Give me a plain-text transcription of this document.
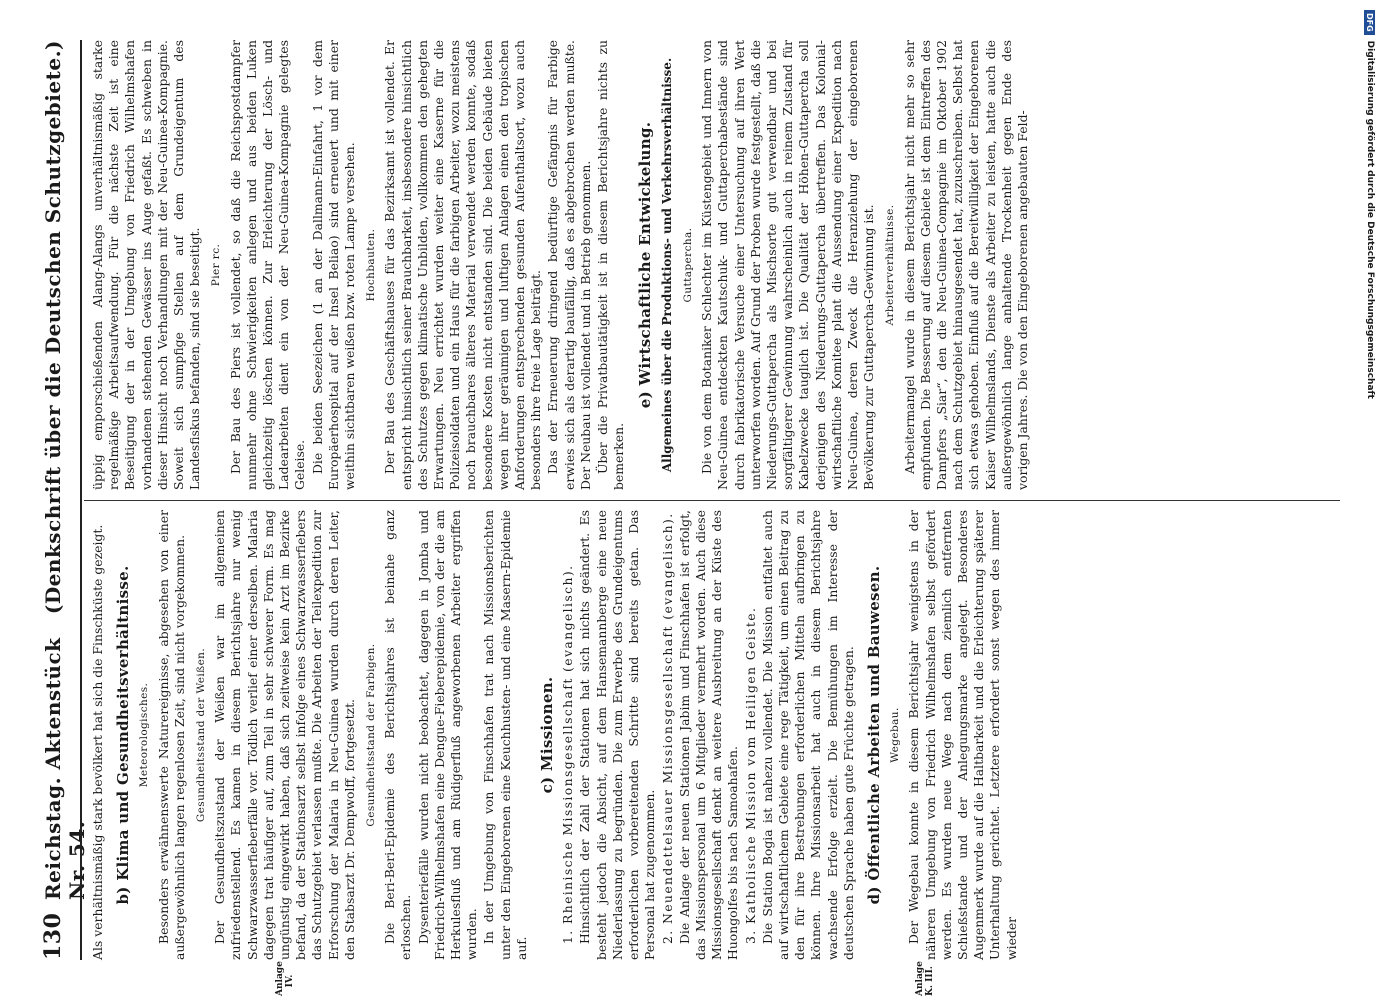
130
Reichstag. Aktenstück Nr. 54.
(Denkschrift über die Deutschen Schutzgebiete.)

Als verhältnismäßig stark bevölkert hat sich die Finschküste gezeigt. b) Klima und Gesundheitsverhältnisse. Meteorologisches. Besonders erwähnenswerte Naturereignisse, abgesehen von einer außergewöhnlich langen regenlosen Zeit, sind nicht vorgekommen. Gesundheitsstand der Weißen. Der Gesundheitszustand der Weißen war im allgemeinen zufriedenstellend. Es kamen in diesem Berichtsjahre nur wenig Schwarzwasserfieberfälle vor. Tödlich verlief einer derselben. Malaria dagegen trat häufiger auf, zum Teil in sehr schwerer Form. Es mag ungünstig eingewirkt haben, daß sich zeitweise kein Arzt im Bezirke befand, da der Stationsarzt selbst infolge eines Schwarzwasserfiebers das Schutzgebiet verlassen mußte. Die Arbeiten der Teilexpedition zur Erforschung der Malaria in Neu-Guinea wurden durch deren Leiter, den Stabsarzt Dr. Dempwolff, fortgesetzt. Gesundheitsstand der Farbigen. Die Beri-Beri-Epidemie des Berichtsjahres ist beinahe ganz erloschen. Dysenteriefälle wurden nicht beobachtet, dagegen in Jomba und Friedrich-Wilhelmshafen eine Dengue-Fieberepidemie, von der die am Herkulesfluß und am Rüdigerfluß angeworbenen Arbeiter ergriffen wurden. In der Umgebung von Finschhafen trat nach Missionsberichten unter den Eingeborenen eine Keuchhusten- und eine Masern-Epidemie auf.

c) Missionen. 1. Rheinische Missionsgesellschaft (evangelisch). Hinsichtlich der Zahl der Stationen hat sich nichts geändert. Es besteht jedoch die Absicht, auf dem Hansemannberge eine neue Niederlassung zu begründen. Die zum Erwerbe des Grundeigentums erforderlichen vorbereitenden Schritte sind bereits getan. Das Personal hat zugenommen. 2. Neuendettelsauer Missionsgesellschaft (evangelisch). Die Anlage der neuen Stationen Jabim und Finschhafen ist erfolgt, das Missionspersonal um 6 Mitglieder vermehrt worden. Auch diese Missionsgesellschaft denkt an weitere Ausbreitung an der Küste des Huongolfes bis nach Samoahafen. 3. Katholische Mission vom Heiligen Geiste. Die Station Bogia ist nahezu vollendet. Die Mission entfaltet auch auf wirtschaftlichem Gebiete eine rege Tätigkeit, um einen Beitrag zu den für ihre Bestrebungen erforderlichen Mitteln aufbringen zu können. Ihre Missionsarbeit hat auch in diesem Berichtsjahre wachsende Erfolge erzielt. Die Bemühungen im Interesse der deutschen Sprache haben gute Früchte getragen. d) Öffentliche Arbeiten und Bauwesen. Wegebau. Der Wegebau konnte in diesem Berichtsjahr wenigstens in der näheren Umgebung von Friedrich Wilhelmshafen selbst gefördert werden. Es wurden neue Wege nach dem ziemlich entfernten Schießstande und der Anlegungsmarke angelegt. Besonderes Augenmerk wurde auf die Haltbarkeit und die Erleichterung späterer Unterhaltung gerichtet. Letztere erfordert sonst wegen des immer wieder

Anlage IV.	Anlage K. III.

üppig emporschießenden Alang-Alangs unverhältnismäßig starke regelmäßige Arbeitsaufwendung. Für die nächste Zeit ist eine Beseitigung der in der Umgebung von Friedrich Wilhelmshafen vorhandenen stehenden Gewässer ins Auge gefaßt. Es schweben in dieser Hinsicht noch Verhandlungen mit der Neu-Guinea-Kompagnie. Soweit sich sumpfige Stellen auf dem Grundeigentum des Landesfiskus befanden, sind sie beseitigt. Pier rc. Der Bau des Piers ist vollendet, so daß die Reichspostdampfer nunmehr ohne Schwierigkeiten anlegen und aus beiden Luken gleichzeitig löschen können. Zur Erleichterung der Lösch- und Ladearbeiten dient ein von der Neu-Guinea-Kompagnie gelegtes Geleise. Die beiden Seezeichen (1 an der Dallmann-Einfahrt, 1 vor dem Europäerhospital auf der Insel Beliao) sind erneuert und mit einer weithin sichtbaren weißen bzw. roten Lampe versehen. Hochbauten. Der Bau des Geschäftshauses für das Bezirksamt ist vollendet. Er entspricht hinsichtlich seiner Brauchbarkeit, insbesondere hinsichtlich des Schutzes gegen klimatische Unbilden, vollkommen den gehegten Erwartungen. Neu errichtet wurden weiter eine Kaserne für die Polizeisoldaten und ein Haus für die farbigen Arbeiter, wozu meistens noch brauchbares älteres Material verwendet werden konnte, sodaß besondere Kosten nicht entstanden sind. Die beiden Gebäude bieten wegen ihrer geräumigen und luftigen Anlagen einen den tropischen Anforderungen entsprechenden gesunden Aufenthaltsort, wozu auch besonders ihre freie Lage beiträgt. Das der Erneuerung dringend bedürftige Gefängnis für Farbige erwies sich als derartig baufällig, daß es abgebrochen werden mußte. Der Neubau ist vollendet und in Betrieb genommen. Über die Privatbautätigkeit ist in diesem Berichtsjahre nichts zu bemerken.

e) Wirtschaftliche Entwickelung. Allgemeines über die Produktions- und Verkehrsverhältnisse. Guttapercha. Die von dem Botaniker Schlechter im Küstengebiet und Innern von Neu-Guinea entdeckten Kautschuk- und Guttaperchabestände sind durch fabrikatorische Versuche einer Untersuchung auf ihren Wert unterworfen worden. Auf Grund der Proben wurde festgestellt, daß die Niederungs-Guttapercha als Mischsorte gut verwendbar und bei sorgfältigerer Gewinnung wahrscheinlich auch in reinem Zustand für Kabelzwecke tauglich ist. Die Qualität der Höhen-Guttapercha soll derjenigen des Niederungs-Guttapercha übertreffen. Das Kolonial-wirtschaftliche Komitee plant die Aussendung einer Expedition nach Neu-Guinea, deren Zweck die Heranziehung der eingeborenen Bevölkerung zur Guttapercha-Gewinnung ist. Arbeiterverhältnisse. Arbeitermangel wurde in diesem Berichtsjahr nicht mehr so sehr empfunden. Die Besserung auf diesem Gebiete ist dem Eintreffen des Dampfers „Siar“, den die Neu-Guinea-Compagnie im Oktober 1902 nach dem Schutzgebiet hinausgesendet hat, zuzuschreiben. Selbst hat sich etwas gehoben. Einfluß auf die Bereitwilligkeit der Eingeborenen Kaiser Wilhelmslands, Dienste als Arbeiter zu leisten, hatte auch die außergewöhnlich lange anhaltende Trockenheit gegen Ende des vorigen Jahres. Die von den Eingeborenen angebauten Feld-

DFG
Digitalisierung gefördert durch die Deutsche Forschungsgemeinschaft
